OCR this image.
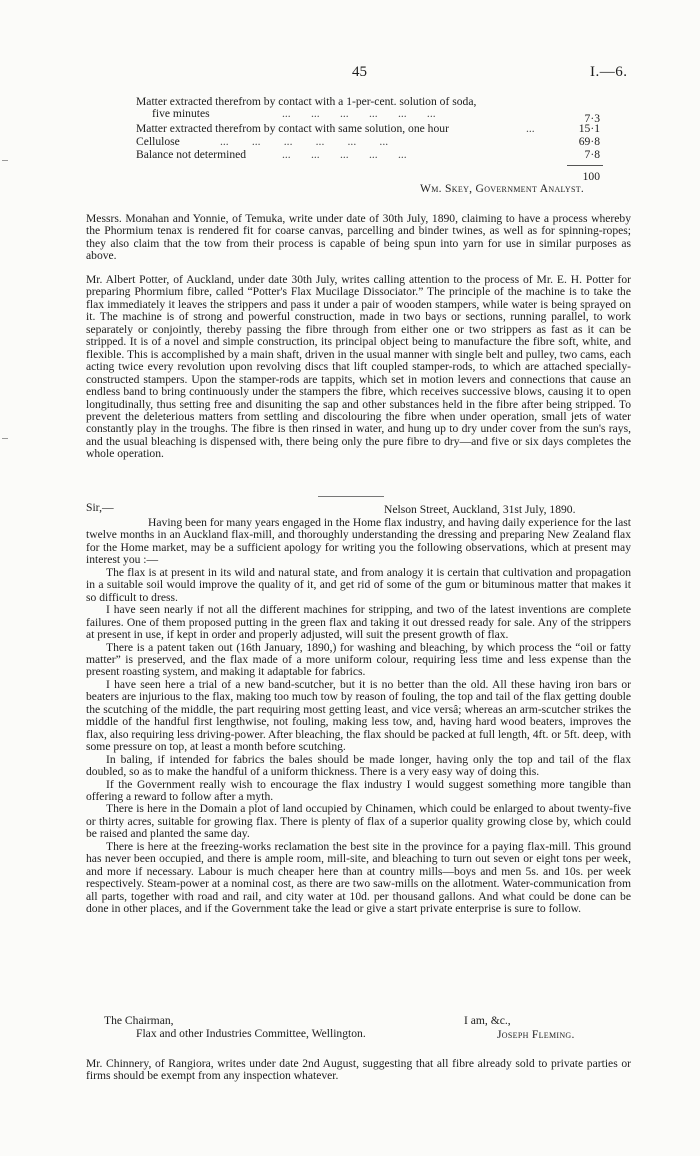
45	I.—6.
Matter extracted therefrom by contact with a 1-per-cent. solution of soda,
five minutes	...       ...       ...       ...       ...       ...	7·3
Matter extracted therefrom by contact with same solution, one hour	...	15·1
Cellulose	...        ...        ...        ...        ...        ...	69·8
Balance not determined	...       ...       ...       ...       ...	7·8
100
Wm. Skey, Government Analyst.

Messrs. Monahan and Yonnie, of Temuka, write under date of 30th July, 1890, claiming to have a process whereby the Phormium tenax is rendered fit for coarse canvas, parcelling and binder twines, as well as for spinning-ropes; they also claim that the tow from their process is capable of being spun into yarn for use in similar purposes as above.

Mr. Albert Potter, of Auckland, under date 30th July, writes calling attention to the process of Mr. E. H. Potter for preparing Phormium fibre, called “Potter's Flax Mucilage Dissociator.” The principle of the machine is to take the flax immediately it leaves the strippers and pass it under a pair of wooden stampers, while water is being sprayed on it. The machine is of strong and powerful construction, made in two bays or sections, running parallel, to work separately or conjointly, thereby passing the fibre through from either one or two strippers as fast as it can be stripped. It is of a novel and simple construction, its principal object being to manufacture the fibre soft, white, and flexible. This is accomplished by a main shaft, driven in the usual manner with single belt and pulley, two cams, each acting twice every revolution upon revolving discs that lift coupled stamper-rods, to which are attached specially-constructed stampers. Upon the stamper-rods are tappits, which set in motion levers and connections that cause an endless band to bring continuously under the stampers the fibre, which receives successive blows, causing it to open longitudinally, thus setting free and disuniting the sap and other substances held in the fibre after being stripped. To prevent the deleterious matters from settling and discolouring the fibre when under operation, small jets of water constantly play in the troughs. The fibre is then rinsed in water, and hung up to dry under cover from the sun's rays, and the usual bleaching is dispensed with, there being only the pure fibre to dry—and five or six days completes the whole operation.

Sir,—	Nelson Street, Auckland, 31st July, 1890.

Having been for many years engaged in the Home flax industry, and having daily experience for the last twelve months in an Auckland flax-mill, and thoroughly understanding the dressing and preparing New Zealand flax for the Home market, may be a sufficient apology for writing you the following observations, which at present may interest you :—

The flax is at present in its wild and natural state, and from analogy it is certain that cultivation and propagation in a suitable soil would improve the quality of it, and get rid of some of the gum or bituminous matter that makes it so difficult to dress.

I have seen nearly if not all the different machines for stripping, and two of the latest inventions are complete failures. One of them proposed putting in the green flax and taking it out dressed ready for sale. Any of the strippers at present in use, if kept in order and properly adjusted, will suit the present growth of flax.

There is a patent taken out (16th January, 1890,) for washing and bleaching, by which process the “oil or fatty matter” is preserved, and the flax made of a more uniform colour, requiring less time and less expense than the present roasting system, and making it adaptable for fabrics.

I have seen here a trial of a new band-scutcher, but it is no better than the old. All these having iron bars or beaters are injurious to the flax, making too much tow by reason of fouling, the top and tail of the flax getting double the scutching of the middle, the part requiring most getting least, and vice versâ; whereas an arm-scutcher strikes the middle of the handful first lengthwise, not fouling, making less tow, and, having hard wood beaters, improves the flax, also requiring less driving-power. After bleaching, the flax should be packed at full length, 4ft. or 5ft. deep, with some pressure on top, at least a month before scutching.

In baling, if intended for fabrics the bales should be made longer, having only the top and tail of the flax doubled, so as to make the handful of a uniform thickness. There is a very easy way of doing this.

If the Government really wish to encourage the flax industry I would suggest something more tangible than offering a reward to follow after a myth.

There is here in the Domain a plot of land occupied by Chinamen, which could be enlarged to about twenty-five or thirty acres, suitable for growing flax. There is plenty of flax of a superior quality growing close by, which could be raised and planted the same day.

There is here at the freezing-works reclamation the best site in the province for a paying flax-mill. This ground has never been occupied, and there is ample room, mill-site, and bleaching to turn out seven or eight tons per week, and more if necessary. Labour is much cheaper here than at country mills—boys and men 5s. and 10s. per week respectively. Steam-power at a nominal cost, as there are two saw-mills on the allotment. Water-communication from all parts, together with road and rail, and city water at 10d. per thousand gallons. And what could be done can be done in other places, and if the Government take the lead or give a start private enterprise is sure to follow.

The Chairman,	I am, &c.,
Flax and other Industries Committee, Wellington.	Joseph Fleming.

Mr. Chinnery, of Rangiora, writes under date 2nd August, suggesting that all fibre already sold to private parties or firms should be exempt from any inspection whatever.
